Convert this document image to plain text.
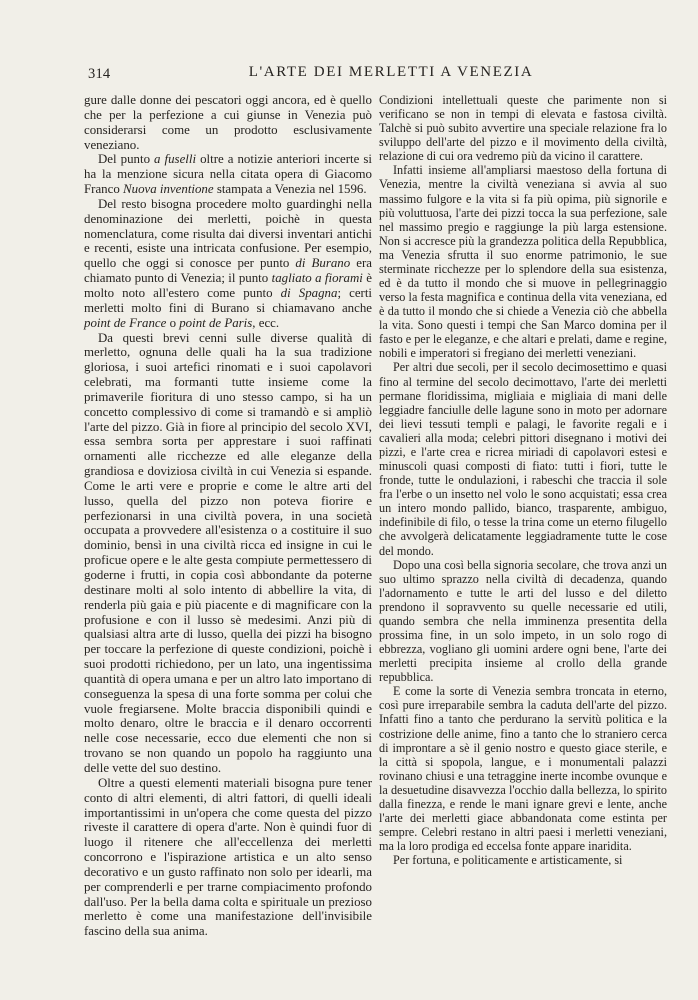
314	L'ARTE DEI MERLETTI A VENEZIA

gure dalle donne dei pescatori oggi ancora, ed è quello che per la perfezione a cui giunse in Venezia può considerarsi come un prodotto esclusivamente veneziano.

Del punto a fuselli oltre a notizie anteriori incerte si ha la menzione sicura nella citata opera di Giacomo Franco Nuova inventione stampata a Venezia nel 1596.

Del resto bisogna procedere molto guardinghi nella denominazione dei merletti, poichè in questa nomenclatura, come risulta dai diversi inventari antichi e recenti, esiste una intricata confusione. Per esempio, quello che oggi si conosce per punto di Burano era chiamato punto di Venezia; il punto tagliato a fiorami è molto noto all'estero come punto di Spagna; certi merletti molto fini di Burano si chiamavano anche point de France o point de Paris, ecc.

Da questi brevi cenni sulle diverse qualità di merletto, ognuna delle quali ha la sua tradizione gloriosa, i suoi artefici rinomati e i suoi capolavori celebrati, ma formanti tutte insieme come la primaverile fioritura di uno stesso campo, si ha un concetto complessivo di come si tramandò e si ampliò l'arte del pizzo. Già in fiore al principio del secolo XVI, essa sembra sorta per apprestare i suoi raffinati ornamenti alle ricchezze ed alle eleganze della grandiosa e doviziosa civiltà in cui Venezia si espande. Come le arti vere e proprie e come le altre arti del lusso, quella del pizzo non poteva fiorire e perfezionarsi in una civiltà povera, in una società occupata a provvedere all'esistenza o a costituire il suo dominio, bensì in una civiltà ricca ed insigne in cui le proficue opere e le alte gesta compiute permettessero di goderne i frutti, in copia così abbondante da poterne destinare molti al solo intento di abbellire la vita, di renderla più gaia e più piacente e di magnificare con la profusione e con il lusso sè medesimi. Anzi più di qualsiasi altra arte di lusso, quella dei pizzi ha bisogno per toccare la perfezione di queste condizioni, poichè i suoi prodotti richiedono, per un lato, una ingentissima quantità di opera umana e per un altro lato importano di conseguenza la spesa di una forte somma per colui che vuole fregiarsene. Molte braccia disponibili quindi e molto denaro, oltre le braccia e il denaro occorrenti nelle cose necessarie, ecco due elementi che non si trovano se non quando un popolo ha raggiunto una delle vette del suo destino.

Oltre a questi elementi materiali bisogna pure tener conto di altri elementi, di altri fattori, di quelli ideali importantissimi in un'opera che come questa del pizzo riveste il carattere di opera d'arte. Non è quindi fuor di luogo il ritenere che all'eccellenza dei merletti concorrono e l'ispirazione artistica e un alto senso decorativo e un gusto raffinato non solo per idearli, ma per comprenderli e per trarne compiacimento profondo dall'uso. Per la bella dama colta e spirituale un prezioso merletto è come una manifestazione dell'invisibile fascino della sua anima.

Condizioni intellettuali queste che parimente non si verificano se non in tempi di elevata e fastosa civiltà. Talchè si può subito avvertire una speciale relazione fra lo sviluppo dell'arte del pizzo e il movimento della civiltà, relazione di cui ora vedremo più da vicino il carattere.

Infatti insieme all'ampliarsi maestoso della fortuna di Venezia, mentre la civiltà veneziana si avvia al suo massimo fulgore e la vita si fa più opima, più signorile e più voluttuosa, l'arte dei pizzi tocca la sua perfezione, sale nel massimo pregio e raggiunge la più larga estensione. Non si accresce più la grandezza politica della Repubblica, ma Venezia sfrutta il suo enorme patrimonio, le sue sterminate ricchezze per lo splendore della sua esistenza, ed è da tutto il mondo che si muove in pellegrinaggio verso la festa magnifica e continua della vita veneziana, ed è da tutto il mondo che si chiede a Venezia ciò che abbella la vita. Sono questi i tempi che San Marco domina per il fasto e per le eleganze, e che altari e prelati, dame e regine, nobili e imperatori si fregiano dei merletti veneziani.

Per altri due secoli, per il secolo decimosettimo e quasi fino al termine del secolo decimottavo, l'arte dei merletti permane floridissima, migliaia e migliaia di mani delle leggiadre fanciulle delle lagune sono in moto per adornare dei lievi tessuti templi e palagi, le favorite regali e i cavalieri alla moda; celebri pittori disegnano i motivi dei pizzi, e l'arte crea e ricrea miriadi di capolavori estesi e minuscoli quasi composti di fiato: tutti i fiori, tutte le fronde, tutte le ondulazioni, i rabeschi che traccia il sole fra l'erbe o un insetto nel volo le sono acquistati; essa crea un intero mondo pallido, bianco, trasparente, ambiguo, indefinibile di filo, o tesse la trina come un eterno filugello che avvolgerà delicatamente leggiadramente tutte le cose del mondo.

Dopo una così bella signoria secolare, che trova anzi un suo ultimo sprazzo nella civiltà di decadenza, quando l'adornamento e tutte le arti del lusso e del diletto prendono il sopravvento su quelle necessarie ed utili, quando sembra che nella imminenza presentita della prossima fine, in un solo impeto, in un solo rogo di ebbrezza, vogliano gli uomini ardere ogni bene, l'arte dei merletti precipita insieme al crollo della grande repubblica.

E come la sorte di Venezia sembra troncata in eterno, così pure irreparabile sembra la caduta dell'arte del pizzo. Infatti fino a tanto che perdurano la servitù politica e la costrizione delle anime, fino a tanto che lo straniero cerca di improntare a sè il genio nostro e questo giace sterile, e la città si spopola, langue, e i monumentali palazzi rovinano chiusi e una tetraggine inerte incombe ovunque e la desuetudine disavvezza l'occhio dalla bellezza, lo spirito dalla finezza, e rende le mani ignare grevi e lente, anche l'arte dei merletti giace abbandonata come estinta per sempre. Celebri restano in altri paesi i merletti veneziani, ma la loro prodiga ed eccelsa fonte appare inaridita.

Per fortuna, e politicamente e artisticamente, si
